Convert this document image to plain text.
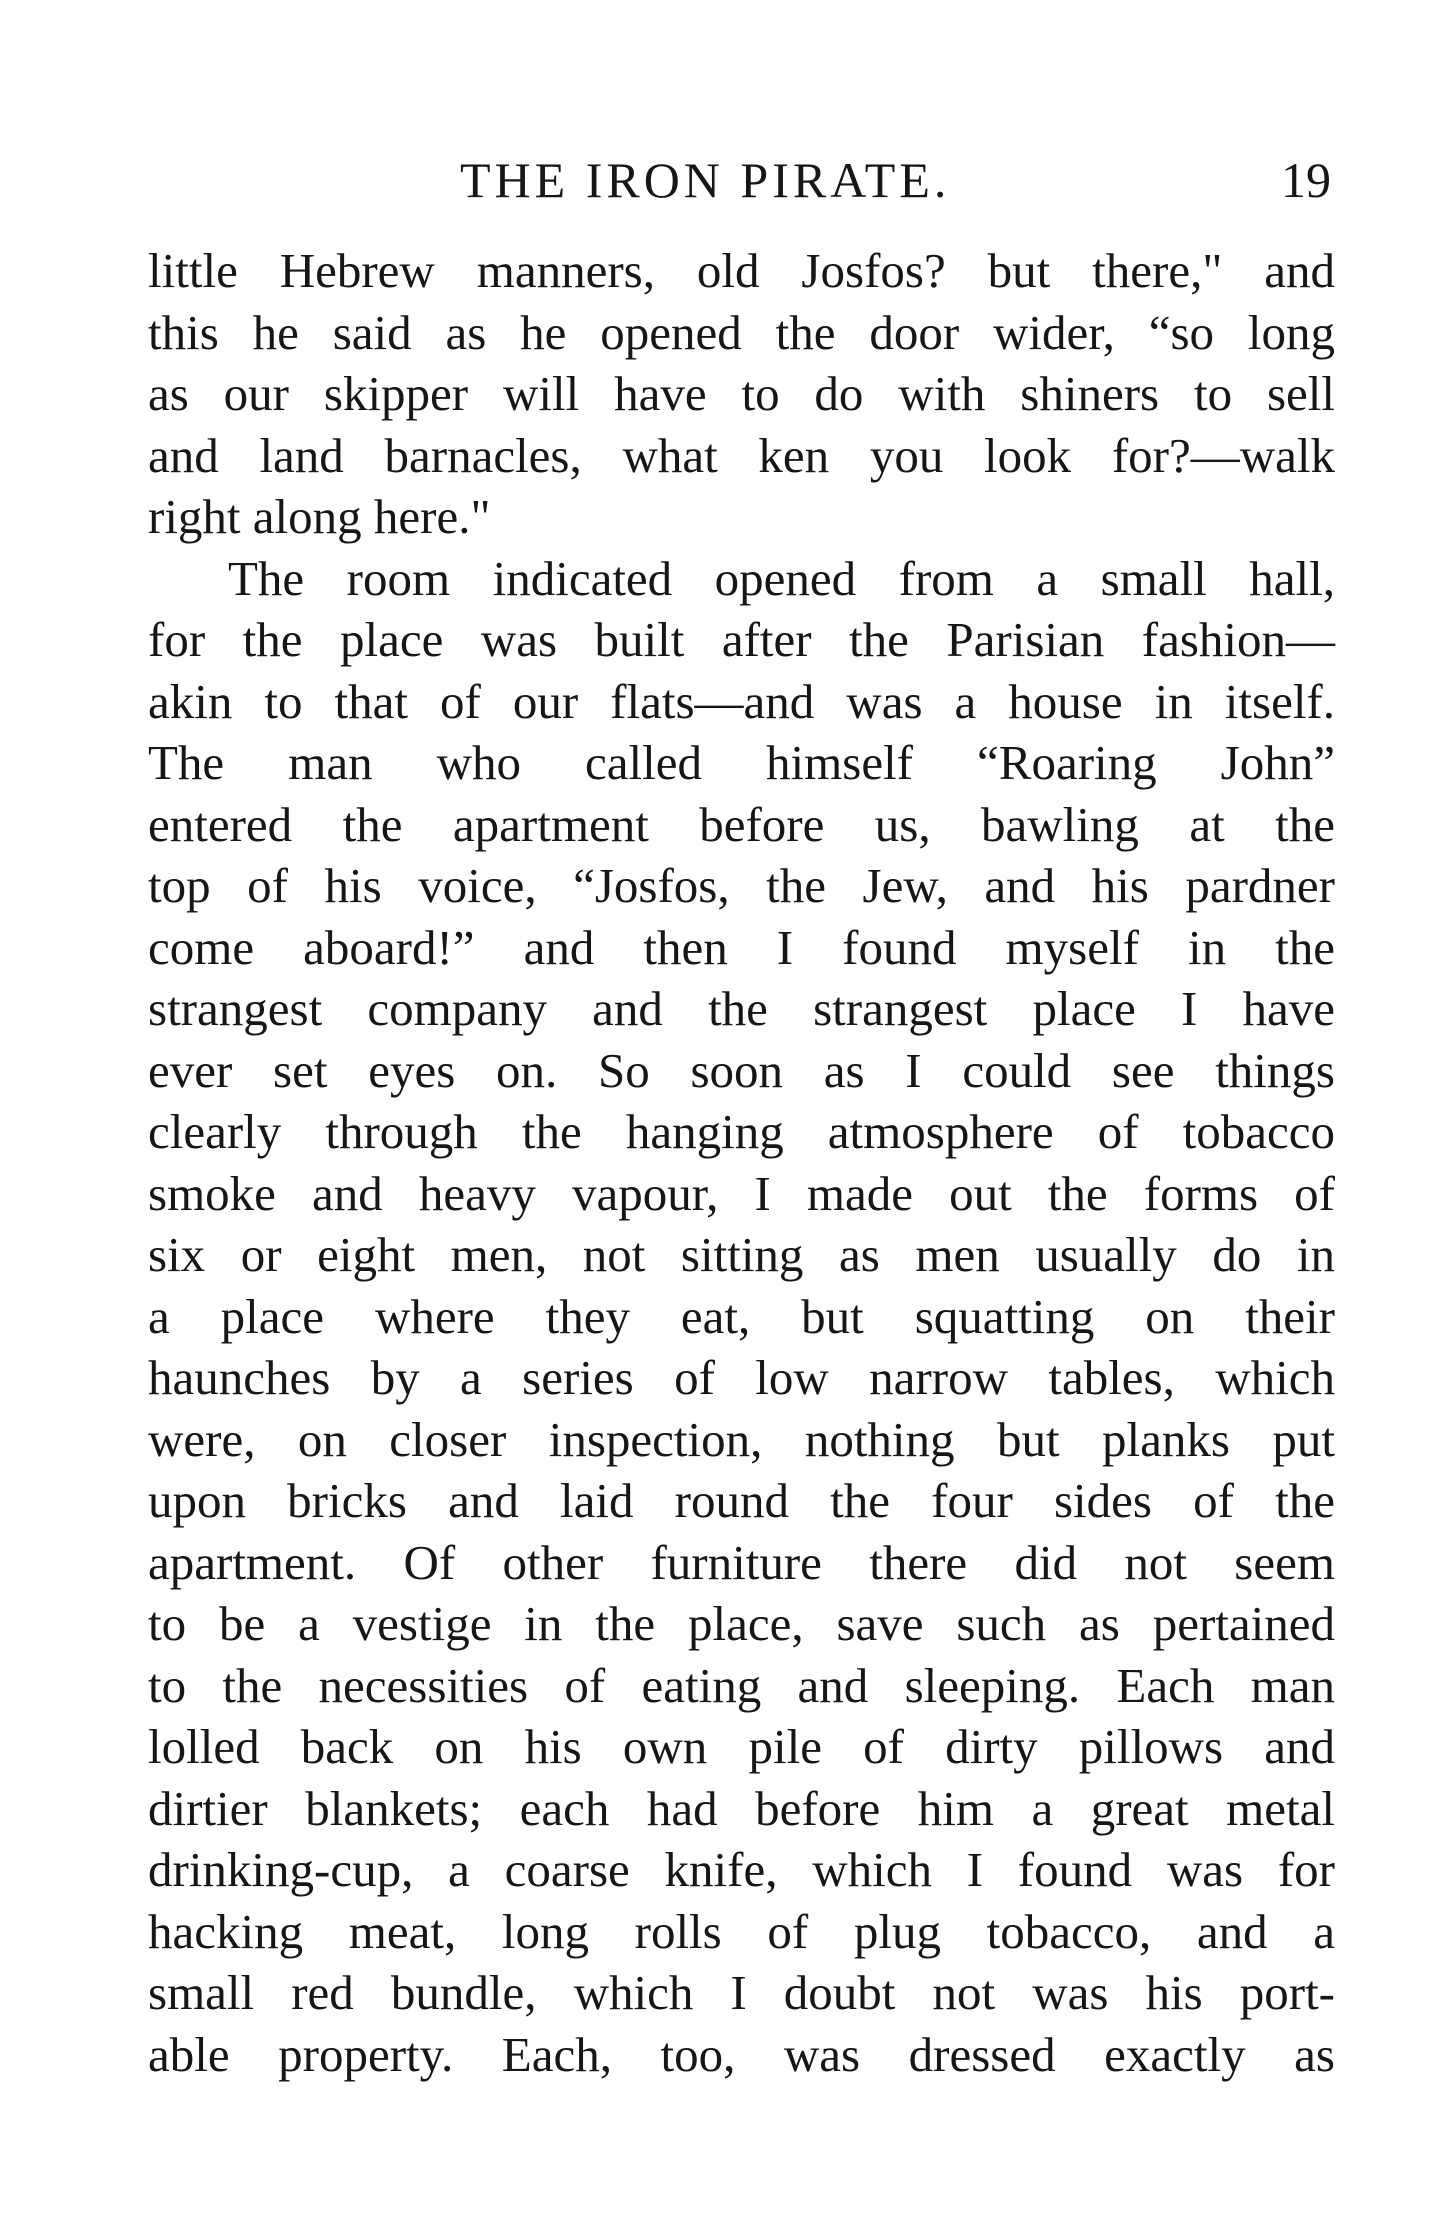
THE IRON PIRATE.	19
little Hebrew manners, old Josfos? but there," and
this he said as he opened the door wider, “so long
as our skipper will have to do with shiners to sell
and land barnacles, what ken you look for?—walk
right along here."
The room indicated opened from a small hall,
for the place was built after the Parisian fashion—
akin to that of our flats—and was a house in itself.
The man who called himself “Roaring John”
entered the apartment before us, bawling at the
top of his voice, “Josfos, the Jew, and his pardner
come aboard!” and then I found myself in the
strangest company and the strangest place I have
ever set eyes on. So soon as I could see things
clearly through the hanging atmosphere of tobacco
smoke and heavy vapour, I made out the forms of
six or eight men, not sitting as men usually do in
a place where they eat, but squatting on their
haunches by a series of low narrow tables, which
were, on closer inspection, nothing but planks put
upon bricks and laid round the four sides of the
apartment. Of other furniture there did not seem
to be a vestige in the place, save such as pertained
to the necessities of eating and sleeping. Each man
lolled back on his own pile of dirty pillows and
dirtier blankets; each had before him a great metal
drinking-cup, a coarse knife, which I found was for
hacking meat, long rolls of plug tobacco, and a
small red bundle, which I doubt not was his port-
able property. Each, too, was dressed exactly as
